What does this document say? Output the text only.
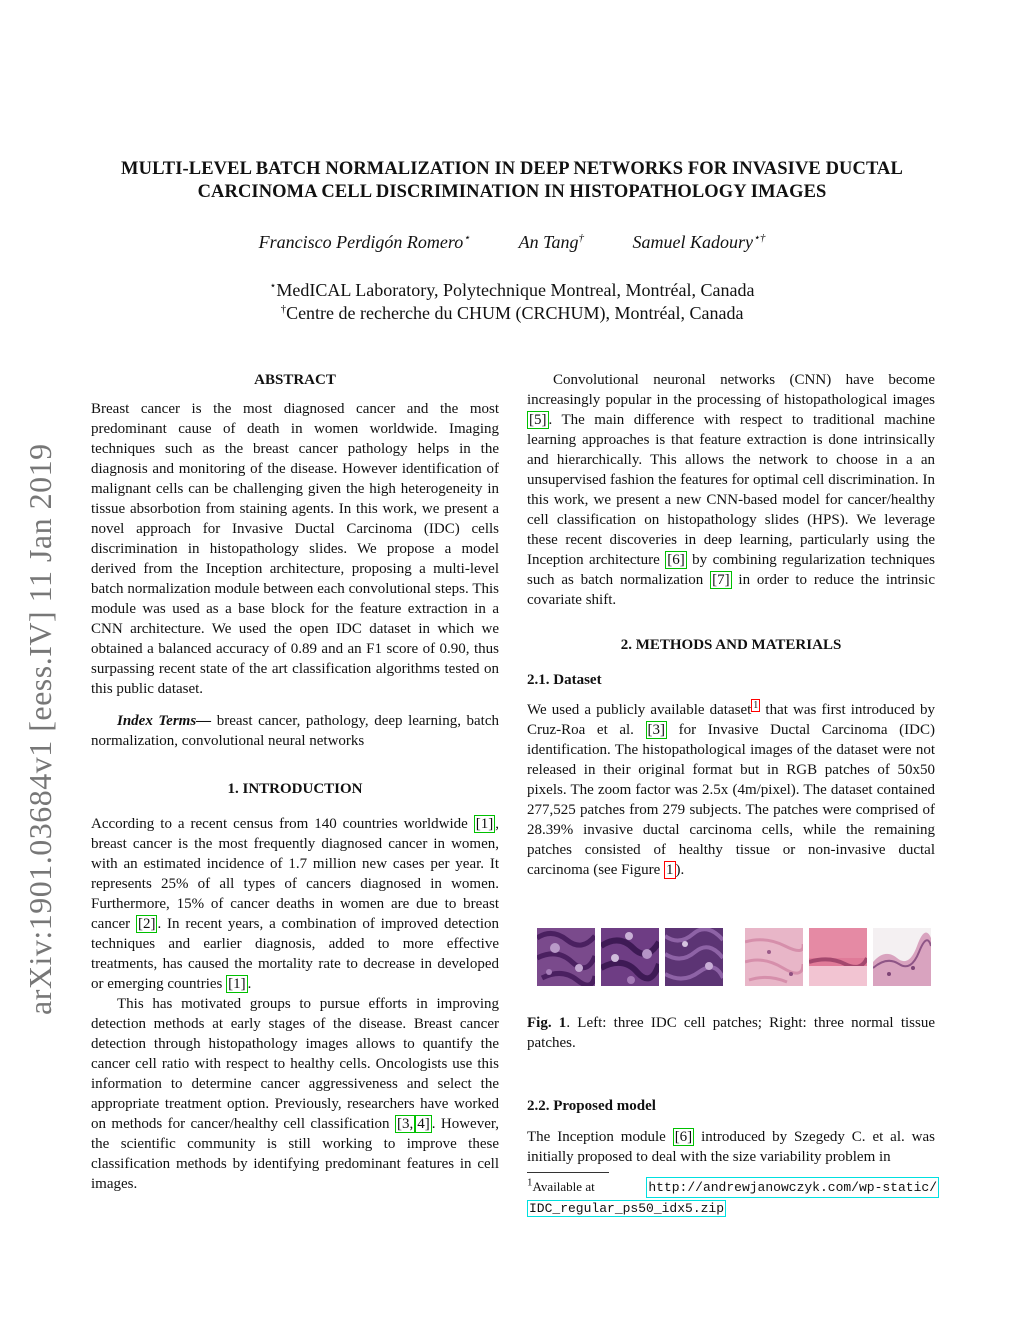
MULTI-LEVEL BATCH NORMALIZATION IN DEEP NETWORKS FOR INVASIVE DUCTAL
CARCINOMA CELL DISCRIMINATION IN HISTOPATHOLOGY IMAGES
Francisco Perdigón Romero⋆	An Tang†	Samuel Kadoury⋆†
⋆MedICAL Laboratory, Polytechnique Montreal, Montréal, Canada
†Centre de recherche du CHUM (CRCHUM), Montréal, Canada
arXiv:1901.03684v1 [eess.IV] 11 Jan 2019
ABSTRACT

Breast cancer is the most diagnosed cancer and the most predominant cause of death in women worldwide. Imaging techniques such as the breast cancer pathology helps in the diagnosis and monitoring of the disease. However identification of malignant cells can be challenging given the high heterogeneity in tissue absorbotion from staining agents. In this work, we present a novel approach for Invasive Ductal Carcinoma (IDC) cells discrimination in histopathology slides. We propose a model derived from the Inception architecture, proposing a multi-level batch normalization module between each convolutional steps. This module was used as a base block for the feature extraction in a CNN architecture. We used the open IDC dataset in which we obtained a balanced accuracy of 0.89 and an F1 score of 0.90, thus surpassing recent state of the art classification algorithms tested on this public dataset.

Index Terms— breast cancer, pathology, deep learning, batch normalization, convolutional neural networks

1. INTRODUCTION

According to a recent census from 140 countries worldwide [1] , breast cancer is the most frequently diagnosed cancer in women, with an estimated incidence of 1.7 million new cases per year. It represents 25% of all types of cancers diagnosed in women. Furthermore, 15% of cancer deaths in women are due to breast cancer [2] . In recent years, a combination of improved detection techniques and earlier diagnosis, added to more effective treatments, has caused the mortality rate to decrease in developed or emerging countries [1] .

This has motivated groups to pursue efforts in improving detection methods at early stages of the disease. Breast cancer detection through histopathology images allows to quantify the cancer cell ratio with respect to healthy cells. Oncologists use this information to determine cancer aggressiveness and select the appropriate treatment option. Previously, researchers have worked on methods for cancer/healthy cell classification [3, 4] . However, the scientific community is still working to improve these classification methods by identifying predominant features in cell images.

Convolutional neuronal networks (CNN) have become increasingly popular in the processing of histopathological images [5] . The main difference with respect to traditional machine learning approaches is that feature extraction is done intrinsically and hierarchically. This allows the network to choose in a an unsupervised fashion the features for optimal cell discrimination. In this work, we present a new CNN-based model for cancer/healthy cell classification on histopathology slides (HPS). We leverage these recent discoveries in deep learning, particularly using the Inception architecture [6] by combining regularization techniques such as batch normalization [7] in order to reduce the intrinsic covariate shift.

2. METHODS AND MATERIALS
2.1. Dataset

We used a publicly available dataset $^1$ that was first introduced by Cruz-Roa et al. [3] for Invasive Ductal Carcinoma (IDC) identification. The histopathological images of the dataset were not released in their original format but in RGB patches of 50x50 pixels. The zoom factor was 2.5x (4m/pixel). The dataset contained 277,525 patches from 279 subjects. The patches were comprised of 28.39% invasive ductal carcinoma cells, while the remaining patches consisted of healthy tissue or non-invasive ductal carcinoma (see Figure 1 ).

Fig. 1. Left: three IDC cell patches; Right: three normal tissue patches.

2.2. Proposed model

The Inception module [6] introduced by Szegedy C. et al. was initially proposed to deal with the size variability problem in

$^1$Available at	http://andrewjanowczyk.com/wp-static/
IDC_regular_ps50_idx5.zip
